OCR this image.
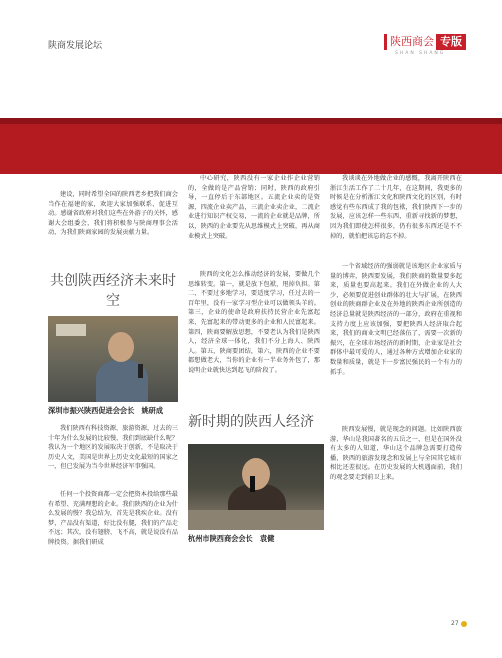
陕商发展论坛	陕西商会 专版
SHAN SHANG

建设，同时希望全国的陕西老乡把我们商会当作在福建的家，欢迎大家加强联系、促进互动。感谢省政府对我们这些在外游子的关怀，感谢大会组委会，我们将积极参与陕商理事会活动，为我们陕商家园的发展贡献力量。

共创陕西经济未来时空
深圳市振兴陕西促进会会长　姚研成

我们陕西有科技资源、旅游资源，过去的三十年为什么发展的比较慢，我们到底缺什么呢？我认为一个地区的发展取决于创新，不是取决于历史人文，美国是世界上历史文化最短的国家之一，但已发展为当今世界经济军事强国。

任何一个投资商都一定会把资本投给那些最有希望、充满理想的企业。我们陕西的企业为什么发展的慢？我总结为，首先是我疾企业。没有梦，产品没有渠道，好比没有腿，我们的产品走不远；其次，没有翅膀、飞不高，就是说没有品牌投资。据我们研成

中心研究，陕西没有一家企业作企业营销的，全做的是产品营销；同时，陕西的政府引导，一直停后于东部地区。五流企业卖的是资源，四流企业卖产品，三流企业卖企业，二流企业进行知识产权交易，一流的企业就是品牌，所以，陕西的企业要先从思维模式上突破，再从商业模式上突破。

陕西的文化怎么推动经济的发展，要做几个思维转变。第一，就是放下包袱，甩掉负担。第二，不要过多地学习，要适度学习，任过去的一百年里，没有一家学习型企业可以做领头羊的。第三，企业的使命是政府扶持民营企业先富起来，先富起来的带动更多的企业和人民富起来。第四，陕商要解放思想，不要老认为我们是陕西人，经济全球一体化，我们不分上海人、陕西人。第五，陕商要团结，第六，陕西的企业不要都想做老大，当你的企业有一半业务外包了，那说明企业就快达到起飞的阶段了。

新时期的陕西人经济
杭州市陕西商会会长　袁健

我谈谈在外地做企业的感慨，我离开陕西在浙江生活工作了二十几年，在这期间，我更多的时候是在分析浙江文化和陕西文化的区别，有时感觉有些东西成了我的包袱，我们陕西下一步的发展，应该怎样一些东西，重新寻找新的梦想，因为我们即使怎样很多，仍有很多东西还是不不掉的，就怕把该忘的忘不掉。

一个省域经济的强弱就是该地区企业家质与量的博弈，陕西要发展，我们陕商的数量要多起来，质量也要高起来。我们在外做企业的人大少，必须要促进创业群体的壮大与扩展，在陕西创业的陕商群企业及在外地的陕西企业所创造的经济总量就是陕西经济的一部分，政府在重视和支持力度上应该加强，要把陕西人经济取合起来，我们的商业文明已经落伍了，需要一次新的振兴，在全球市场经济的新时期，企业家是社会群体中最可爱的人，通过各种方式增加企业家的数量和质量，就是下一步富民强民的一个有力的抓手。

陕西发展慢，就是现念的问题。比如陕西旅游，华山是我国著名的五岳之一，但是在国外没有太多的人知道，华山这个品牌急需要打造传播，陕西的旅游发现念和发展上与全国其它城市相比还差很远。在历史发展的大机遇面前，我们的观念要走到前卫上来。

27
